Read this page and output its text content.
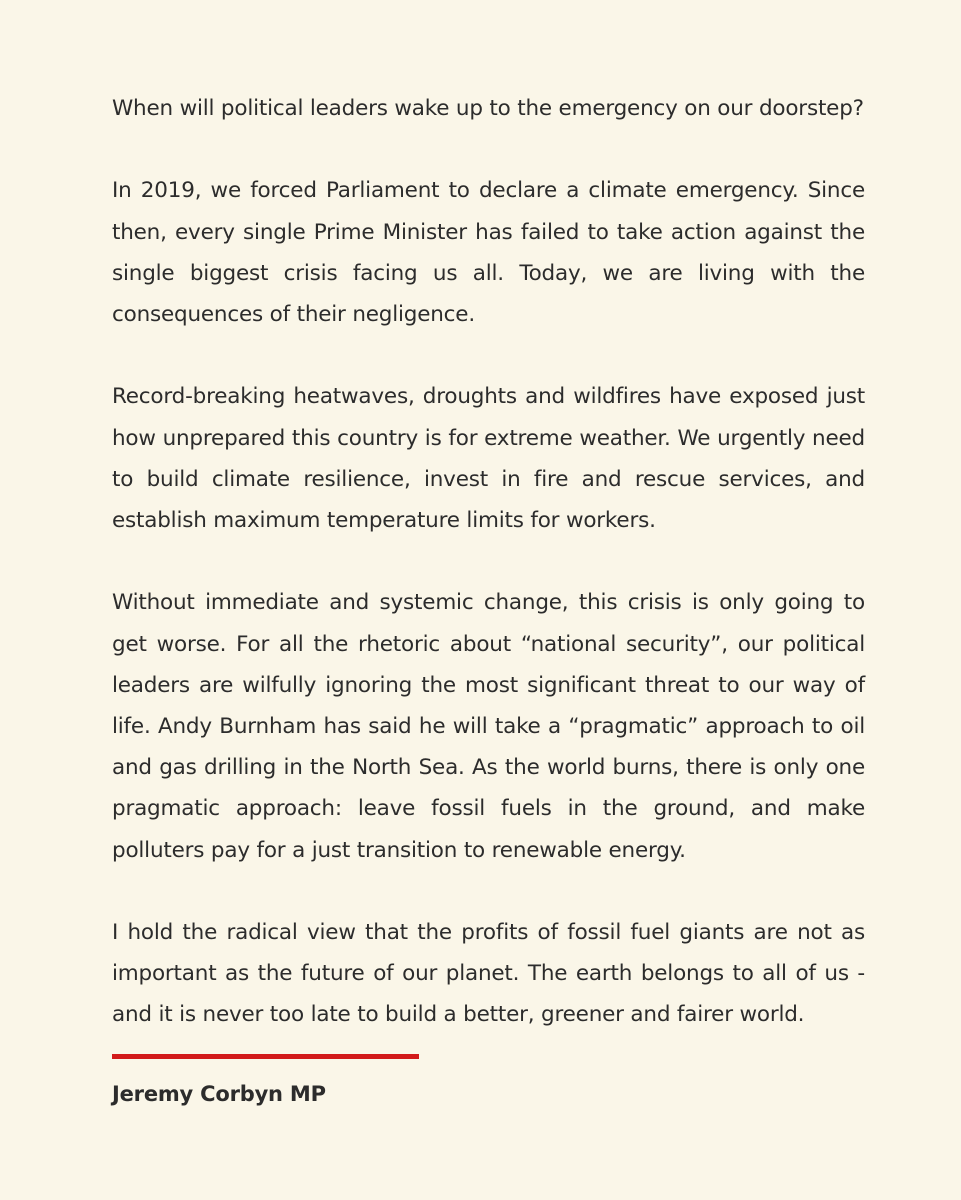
When will political leaders wake up to the emergency on our doorstep?

In 2019, we forced Parliament to declare a climate emergency. Since then, every single Prime Minister has failed to take action against the single biggest crisis facing us all. Today, we are living with the consequences of their negligence.

Record-breaking heatwaves, droughts and wildfires have exposed just how unprepared this country is for extreme weather. We urgently need to build climate resilience, invest in fire and rescue services, and establish maximum temperature limits for workers.

Without immediate and systemic change, this crisis is only going to get worse. For all the rhetoric about “national security”, our political leaders are wilfully ignoring the most significant threat to our way of life. Andy Burnham has said he will take a “pragmatic” approach to oil and gas drilling in the North Sea. As the world burns, there is only one pragmatic approach: leave fossil fuels in the ground, and make polluters pay for a just transition to renewable energy.

I hold the radical view that the profits of fossil fuel giants are not as important as the future of our planet. The earth belongs to all of us - and it is never too late to build a better, greener and fairer world.

Jeremy Corbyn MP
